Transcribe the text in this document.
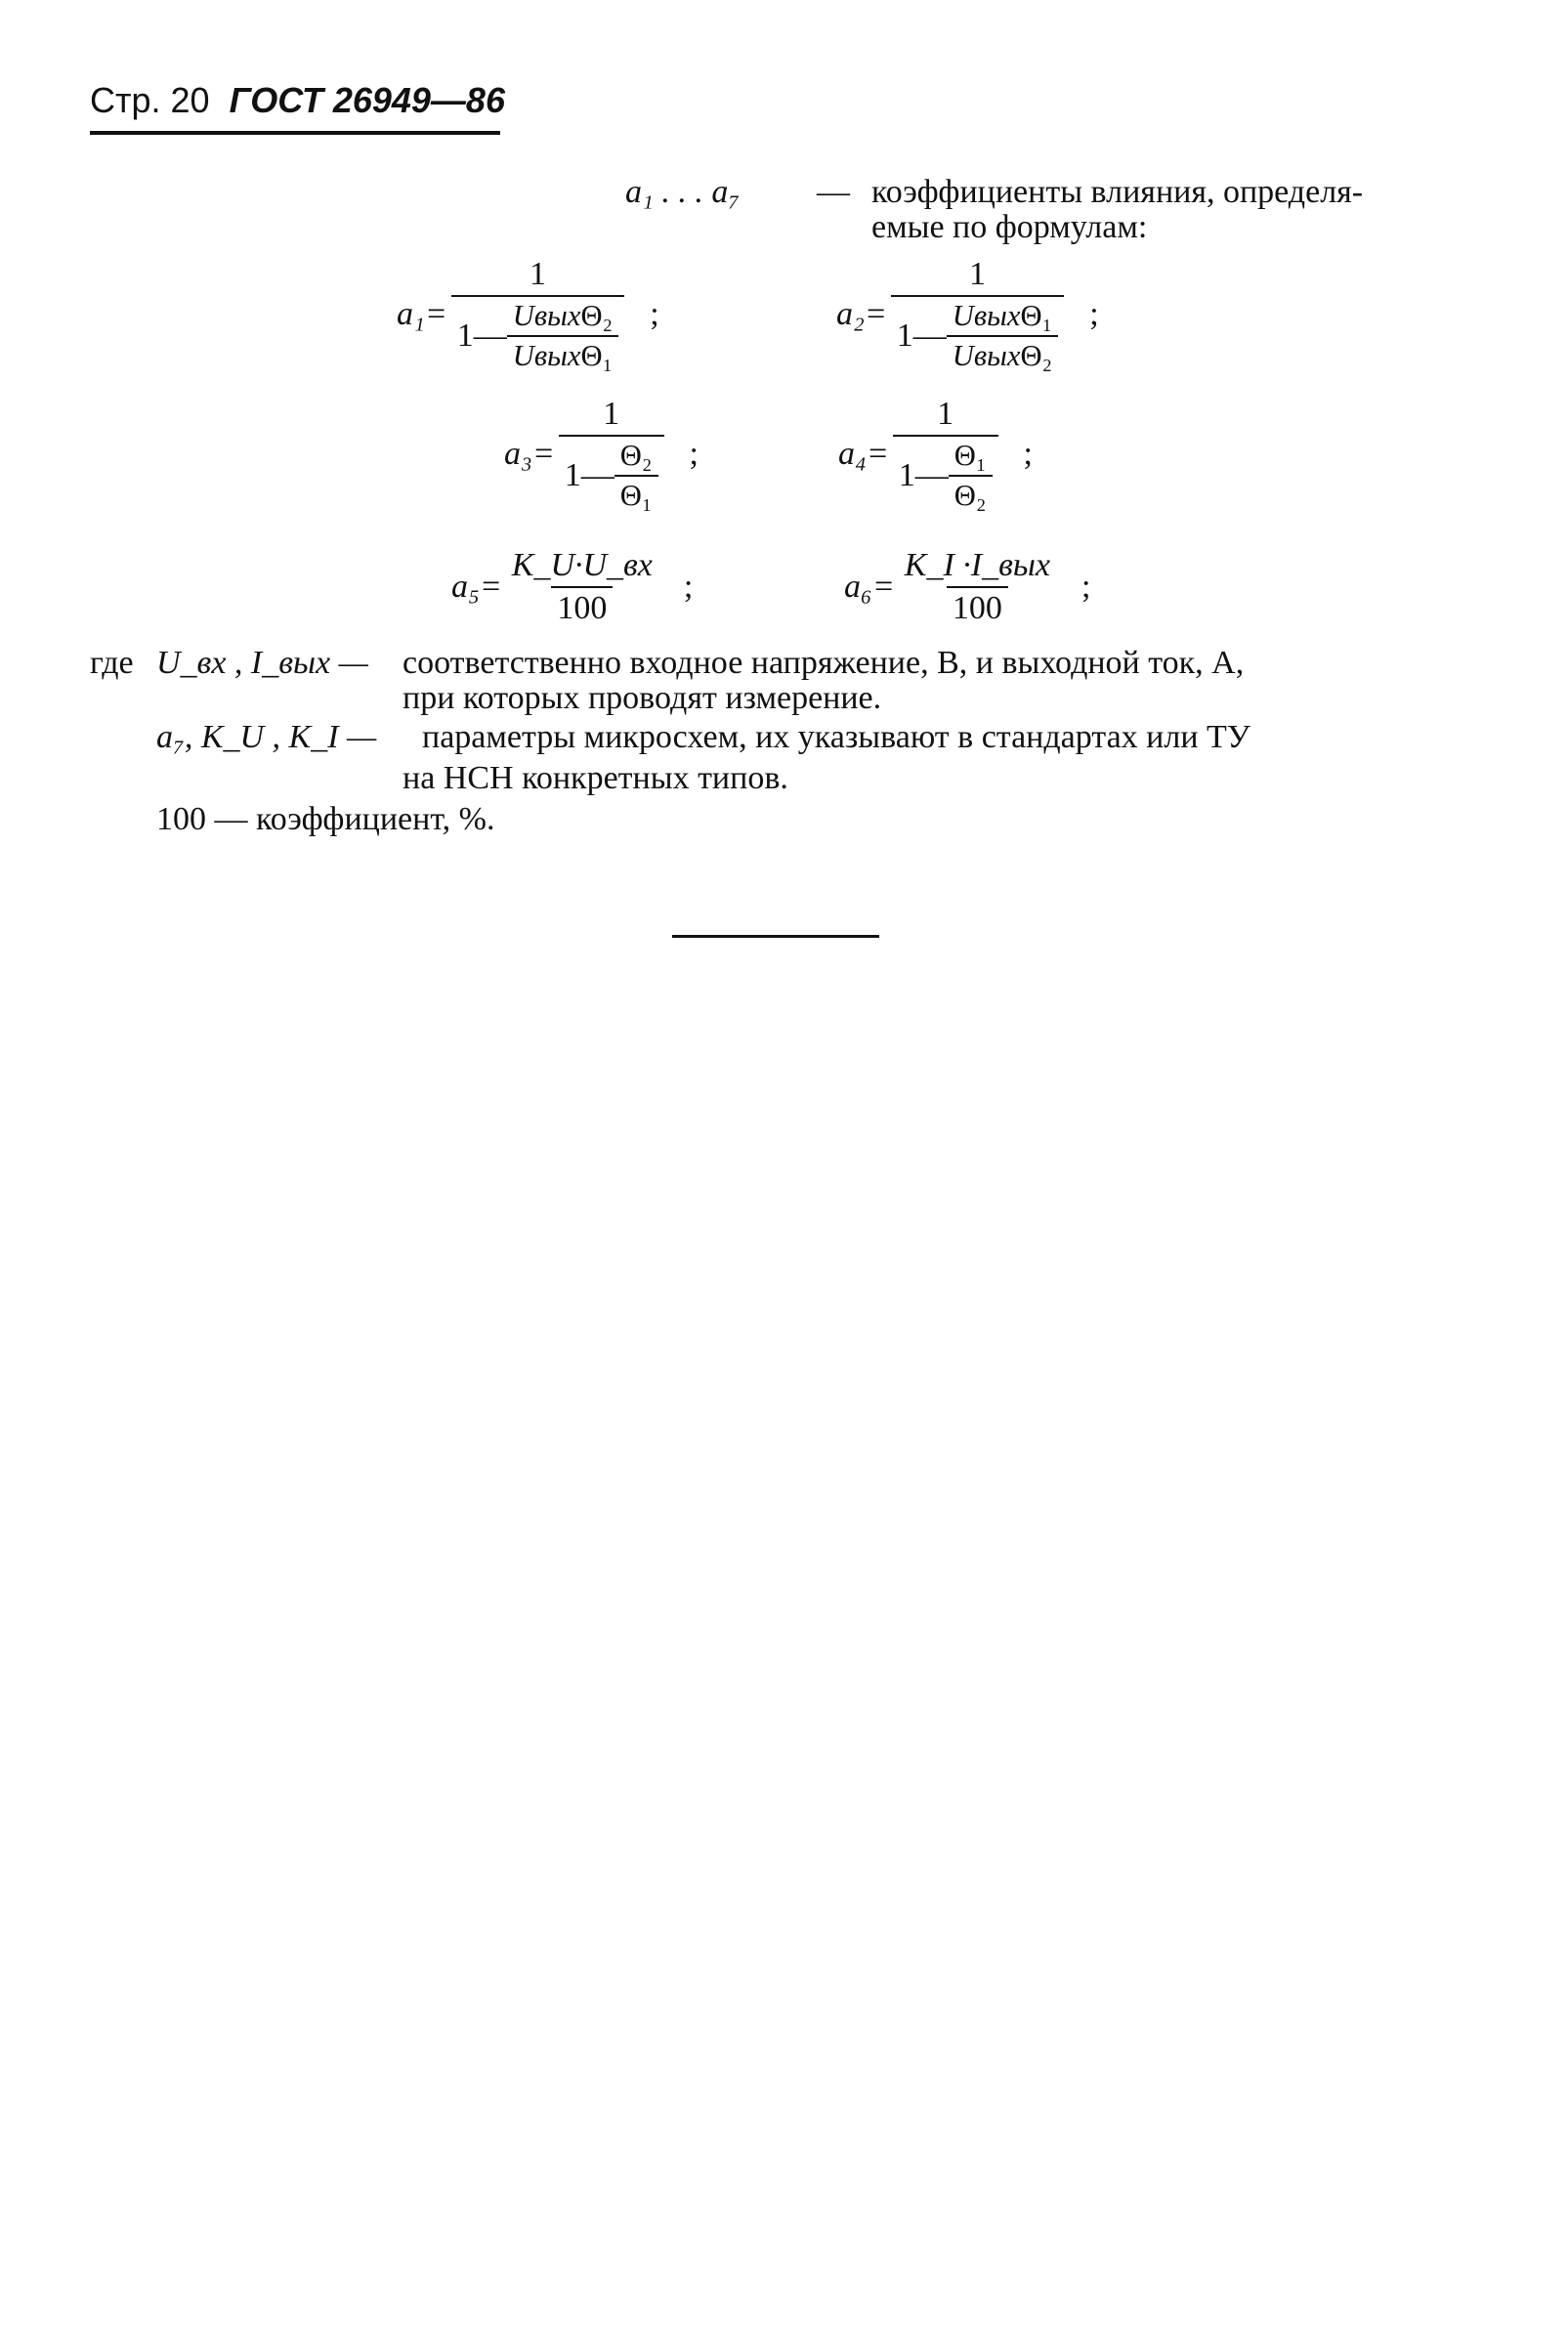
Стр. 20 ГОСТ 26949—86
a₁ . . . a₇ — коэффициенты влияния, определя-
емые по формулам:
$a_1= \frac{1}{1— \frac{\text{UвыхΘ₂}}{\text{UвыхΘ₁}}}$ ;	$a_2= \frac{1}{1— \frac{\text{UвыхΘ₁}}{\text{UвыхΘ₂}}}$ ;
$a_3= \frac{1}{1— \frac{\text{Θ₂}}{\text{Θ₁}}}$ ;	$a_4= \frac{1}{1— \frac{\text{Θ₁}}{\text{Θ₂}}}$ ;
$a_5= \frac{K\_U\cdot U\_вх}{100}$ ;	$a_6= \frac{\text{K\_I ·I\_вых}}{100}$ ;
где U_вх , I_вых — соответственно входное напряжение, В, и выходной ток, А,
при которых проводят измерение.
a₇, K_U , K_I — параметры микросхем, их указывают в стандартах или ТУ
на НСН конкретных типов.
100 — коэффициент, %.
